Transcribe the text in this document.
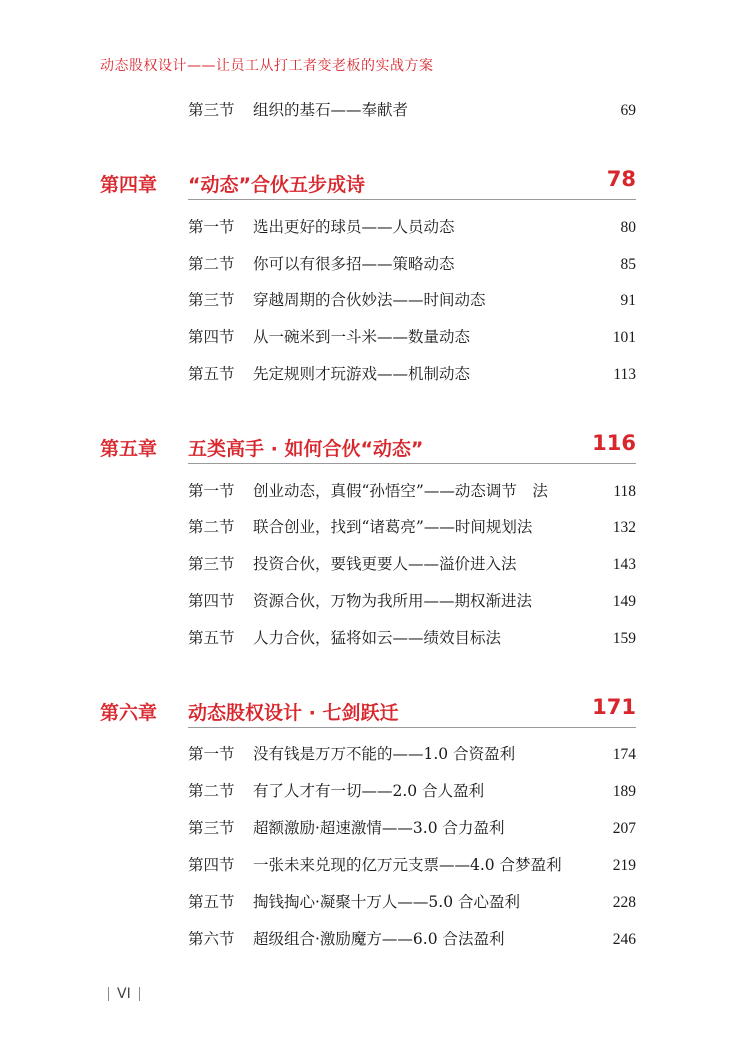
动态股权设计——让员工从打工者变老板的实战方案
第三节	组织的基石——奉献者	69
第四章 “动态”合伙五步成诗	78
第一节	选出更好的球员——人员动态	80
第二节	你可以有很多招——策略动态	85
第三节	穿越周期的合伙妙法——时间动态	91
第四节	从一碗米到一斗米——数量动态	101
第五节	先定规则才玩游戏——机制动态	113
第五章 五类高手 · 如何合伙“动态”	116
第一节	创业动态，真假“孙悟空”——动态调节　法	118
第二节	联合创业，找到“诸葛亮”——时间规划法	132
第三节	投资合伙，要钱更要人——溢价进入法	143
第四节	资源合伙，万物为我所用——期权渐进法	149
第五节	人力合伙，猛将如云——绩效目标法	159
第六章 动态股权设计 · 七剑跃迁	171
第一节	没有钱是万万不能的——1.0 合资盈利	174
第二节	有了人才有一切——2.0 合人盈利	189
第三节	超额激励·超速激情——3.0 合力盈利	207
第四节	一张未来兑现的亿万元支票——4.0 合梦盈利	219
第五节	掏钱掏心·凝聚十万人——5.0 合心盈利	228
第六节	超级组合·激励魔方——6.0 合法盈利	246
VI
